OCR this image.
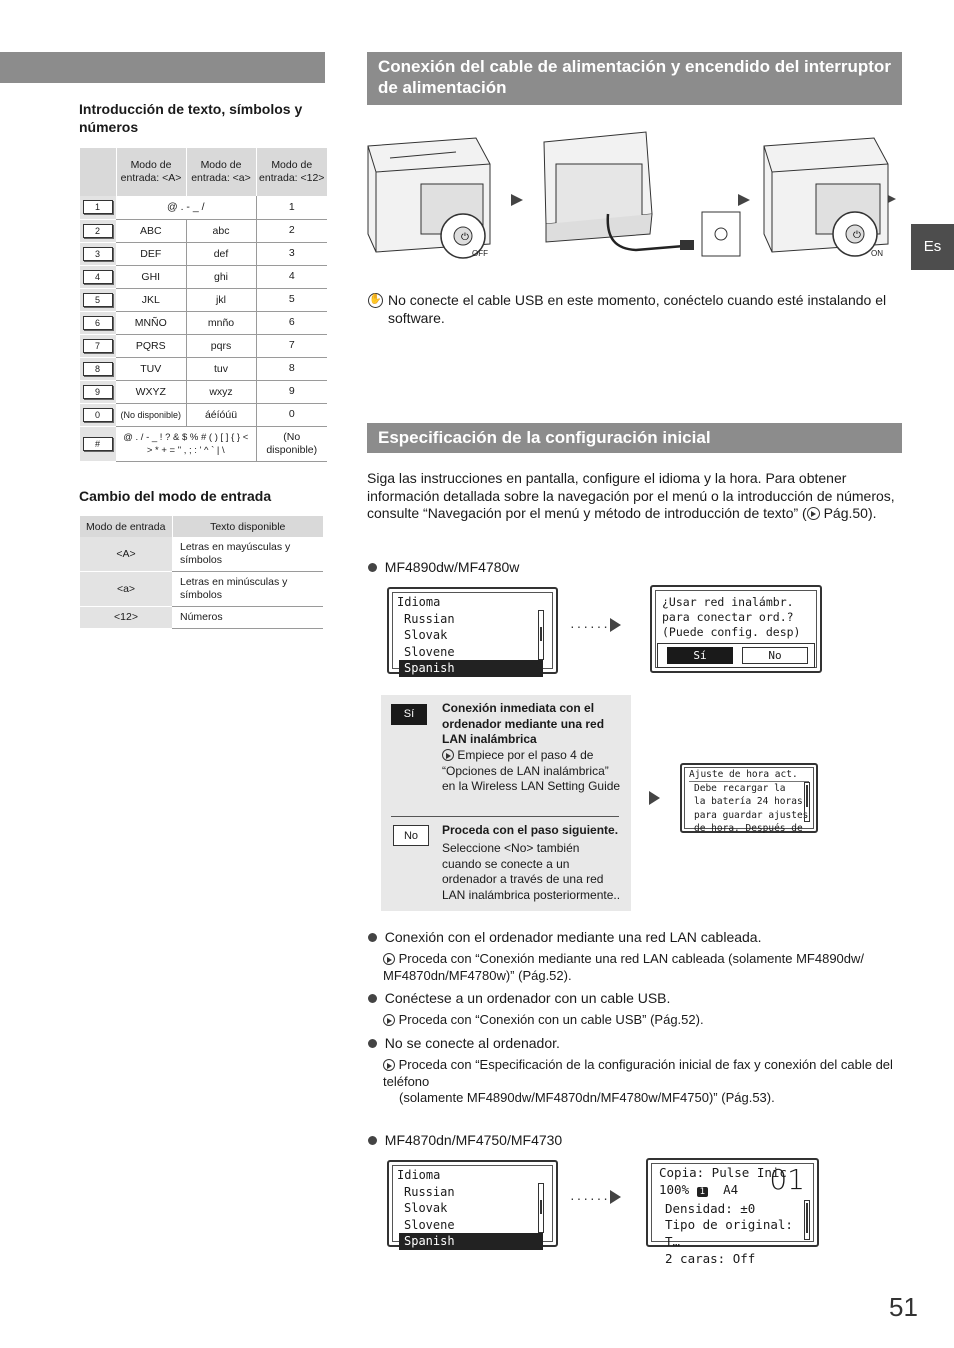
Introducción de texto, símbolos y números
	Modo de entrada: <A>	Modo de entrada: <a>	Modo de entrada: <12>
1	@ . - _ /		1
2	ABC	abc	2
3	DEF	def	3
4	GHI	ghi	4
5	JKL	jkl	5
6	MNÑO	mnño	6
7	PQRS	pqrs	7
8	TUV	tuv	8
9	WXYZ	wxyz	9
0	(No disponible)	áéíóúü	0
#	@ . / - _ ! ? & $ % # ( ) [ ] { } < > * + = " , ; : ' ^ ` | \		(No disponible)
Cambio del modo de entrada
Modo de entrada	Texto disponible
<A>	Letras en mayúsculas y símbolos
<a>	Letras en minúsculas y símbolos
<12>	Números
Conexión del cable de alimentación y encendido del interruptor de alimentación
⏻	⏻
OFF	ON
✋ No conecte el cable USB en este momento, conéctelo cuando esté instalando el software.
Especificación de la configuración inicial
Siga las instrucciones en pantalla, configure el idioma y la hora. Para obtener información detallada sobre la navegación por el menú o la introducción de números, consulte “Navegación por el menú y método de introducción de texto” ( Pág.50).
MF4890dw/MF4780w
Idioma
Russian
Slovak
Slovene
Spanish
······
¿Usar red inalámbr.
para conectar ord.?
(Puede config. desp)
Sí	No
Sí	Conexión inmediata con el ordenador mediante una red LAN inalámbrica
Empiece por el paso 4 de “Opciones de LAN inalámbrica” en la Wireless LAN Setting Guide
No	Proceda con el paso siguiente.
Seleccione <No> también cuando se conecte a un ordenador a través de una red LAN inalámbrica posteriormente..
Ajuste de hora act.
Debe recargar la
la batería 24 horas
para guardar ajustes
de hora. Después de
Conexión con el ordenador mediante una red LAN cableada.
Proceda con “Conexión mediante una red LAN cableada (solamente MF4890dw/ MF4870dn/MF4780w)” (Pág.52).
Conéctese a un ordenador con un cable USB.
Proceda con “Conexión con un cable USB” (Pág.52).
No se conecte al ordenador.
Proceda con “Especificación de la configuración inicial de fax y conexión del cable del teléfono
(solamente MF4890dw/MF4870dn/MF4780w/MF4750)” (Pág.53).
MF4870dn/MF4750/MF4730
Idioma
Russian
Slovak
Slovene
Spanish
······
Copia: Pulse Inic
100% 1 A4	01
Densidad: ±0
Tipo de original: T…
2 caras: Off
Es
51
